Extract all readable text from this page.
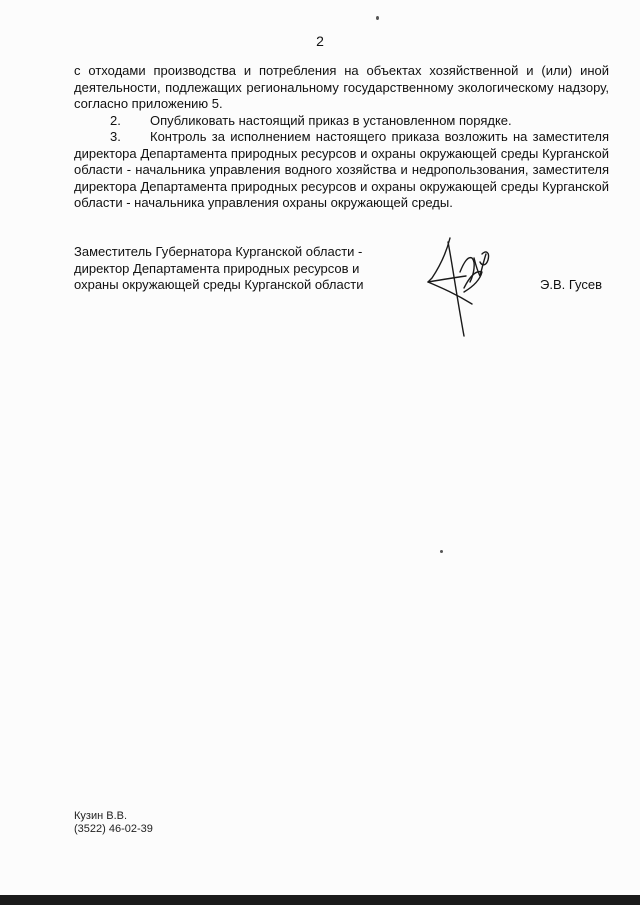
2

с отходами производства и потребления на объектах хозяйственной и (или) иной деятельности, подлежащих региональному государственному экологическому надзору, согласно приложению 5.

2. Опубликовать настоящий приказ в установленном порядке.

3. Контроль за исполнением настоящего приказа возложить на заместителя директора Департамента природных ресурсов и охраны окружающей среды Курганской области - начальника управления водного хозяйства и недропользования, заместителя директора Департамента природных ресурсов и охраны окружающей среды Курганской области - начальника управления охраны окружающей среды.

Заместитель Губернатора Курганской области -
директор Департамента природных ресурсов и
охраны окружающей среды Курганской области	Э.В. Гусев
Кузин В.В.
(3522) 46-02-39
